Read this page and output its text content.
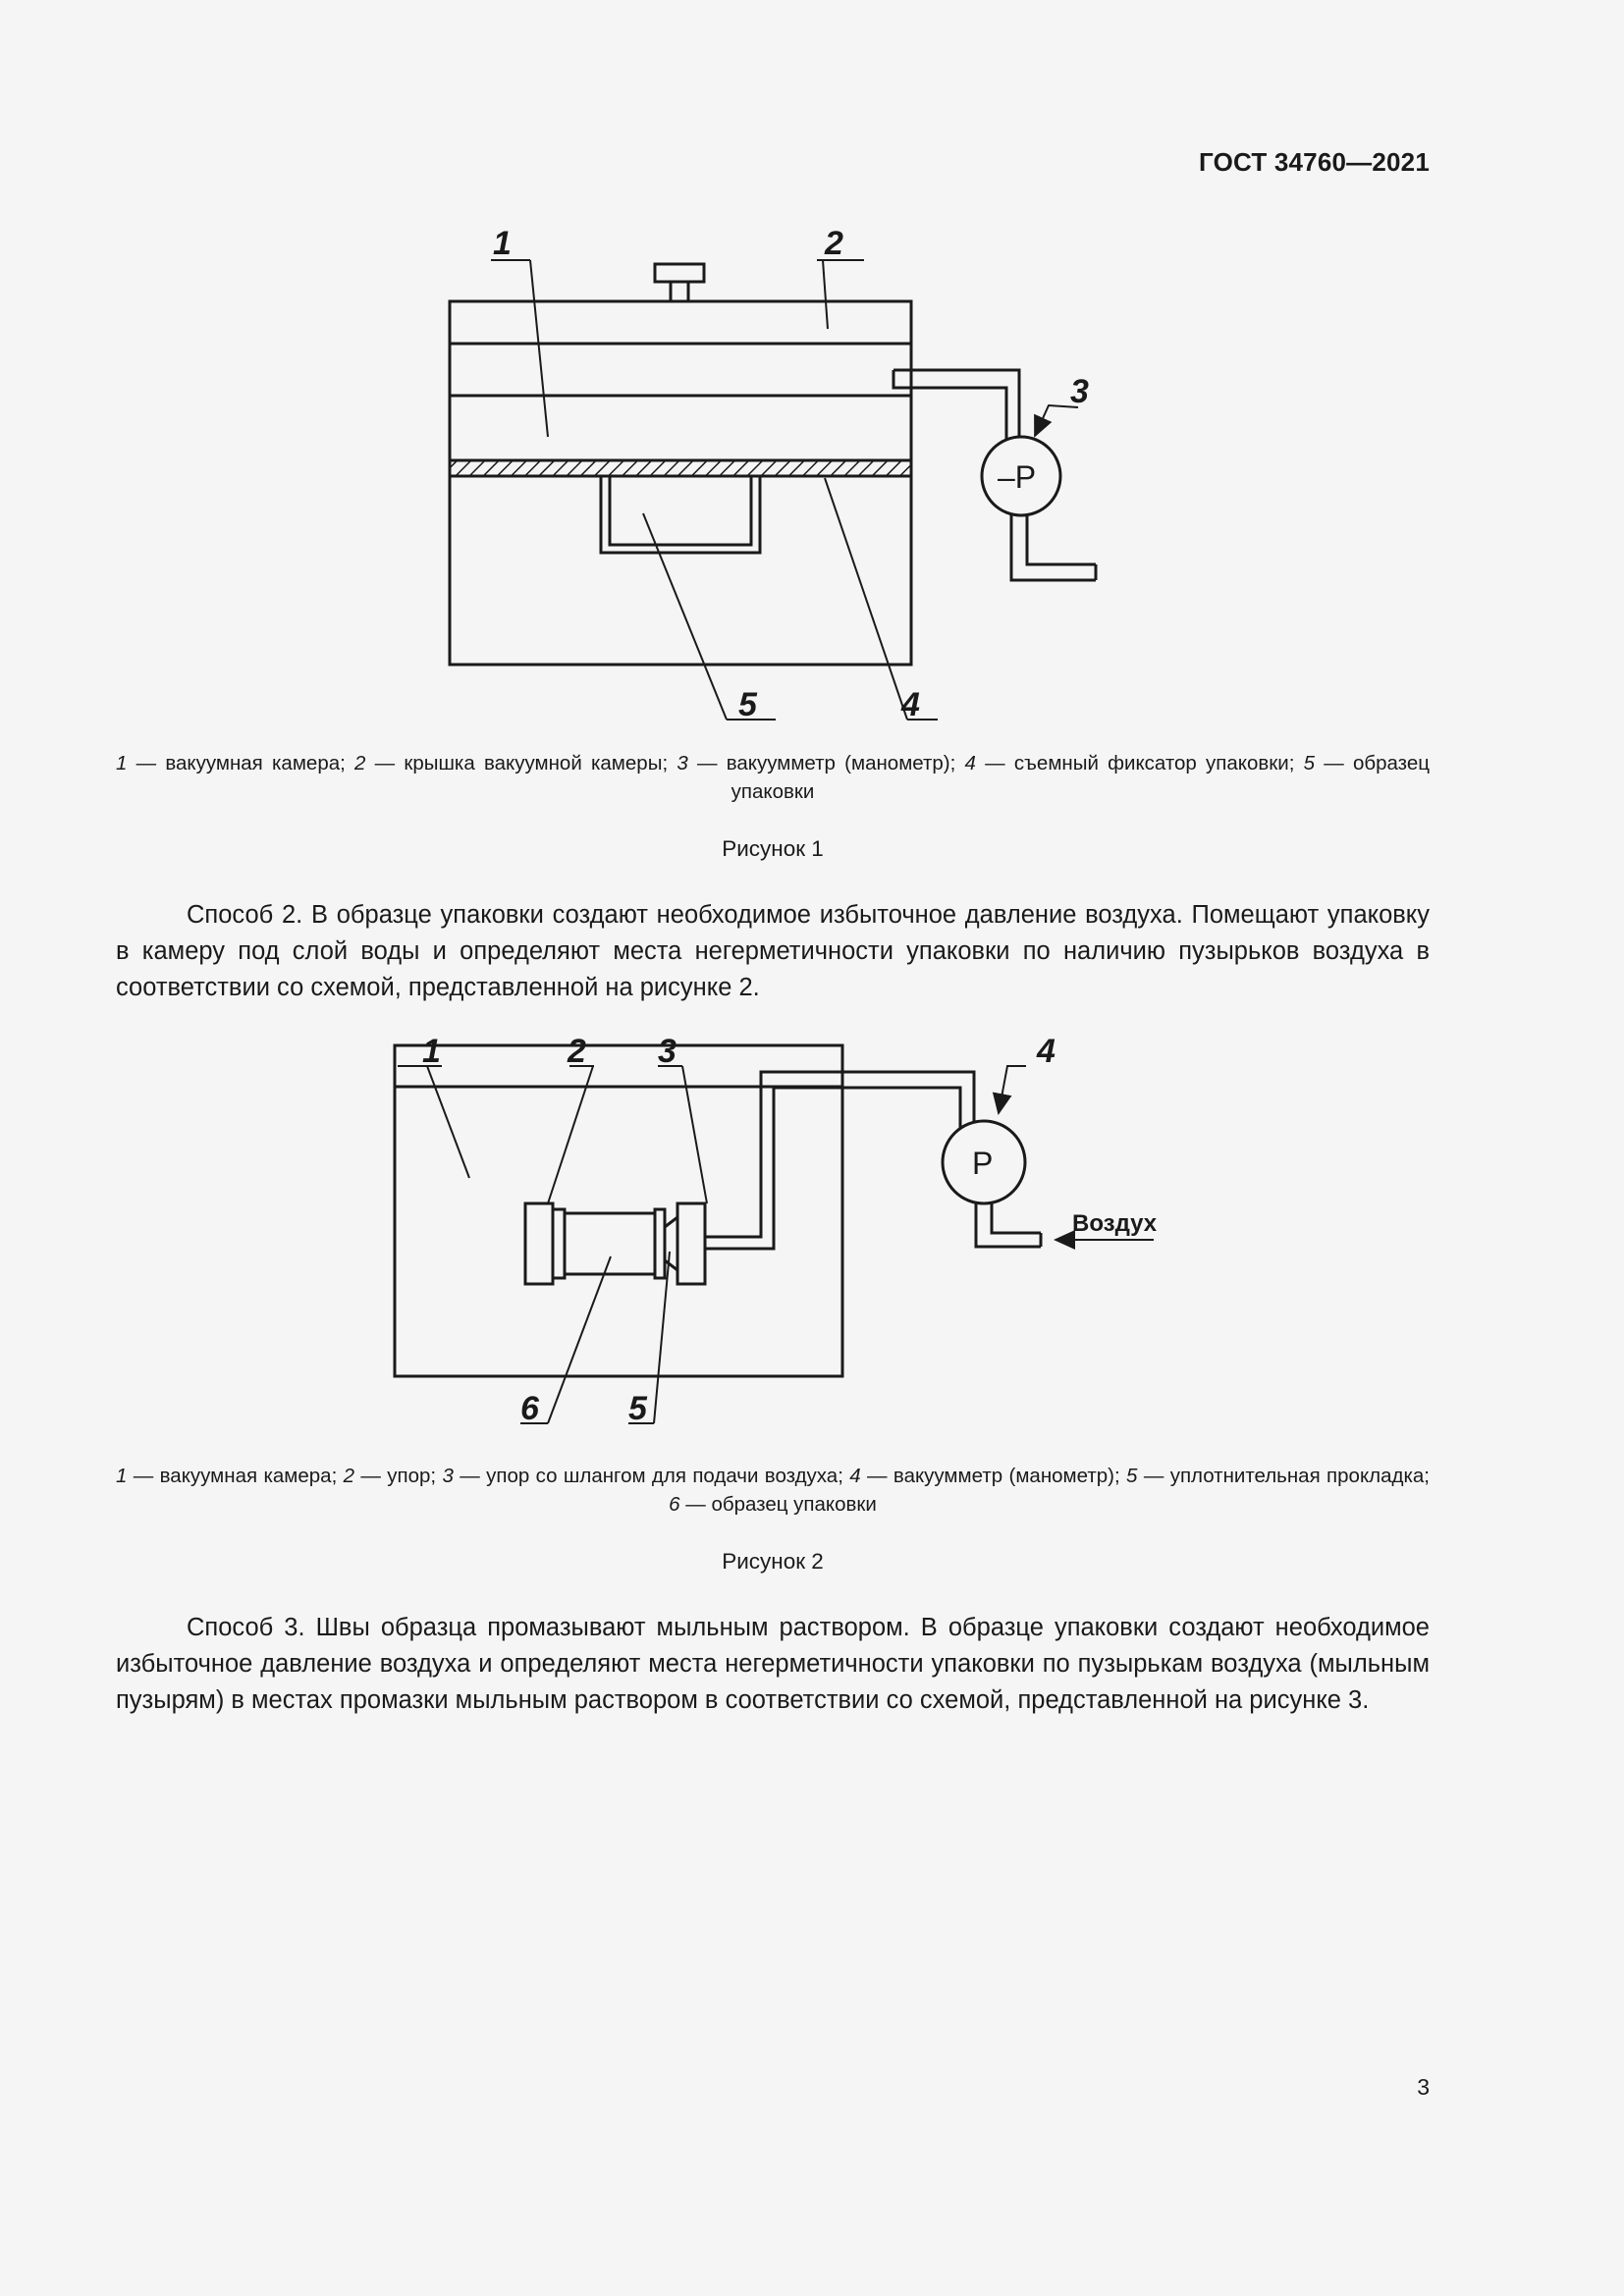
ГОСТ 34760—2021
1	2
3
5	4
–P
1 — вакуумная камера; 2 — крышка вакуумной камеры; 3 — вакуумметр (манометр); 4 — съемный фиксатор упаковки; 5 — образец упаковки
Рисунок 1
Способ 2. В образце упаковки создают необходимое избыточное давление воздуха. Помещают упаковку в камеру под слой воды и определяют места негерметичности упаковки по наличию пузырьков воздуха в соответствии со схемой, представленной на рисунке 2.
1	2 3	4
6	5
P
Воздух
1 — вакуумная камера; 2 — упор; 3 — упор со шлангом для подачи воздуха; 4 — вакуумметр (манометр); 5 — уплотнительная прокладка; 6 — образец упаковки
Рисунок 2
Способ 3. Швы образца промазывают мыльным раствором. В образце упаковки создают необходимое избыточное давление воздуха и определяют места негерметичности упаковки по пузырькам воздуха (мыльным пузырям) в местах промазки мыльным раствором в соответствии со схемой, представленной на рисунке 3.
3
